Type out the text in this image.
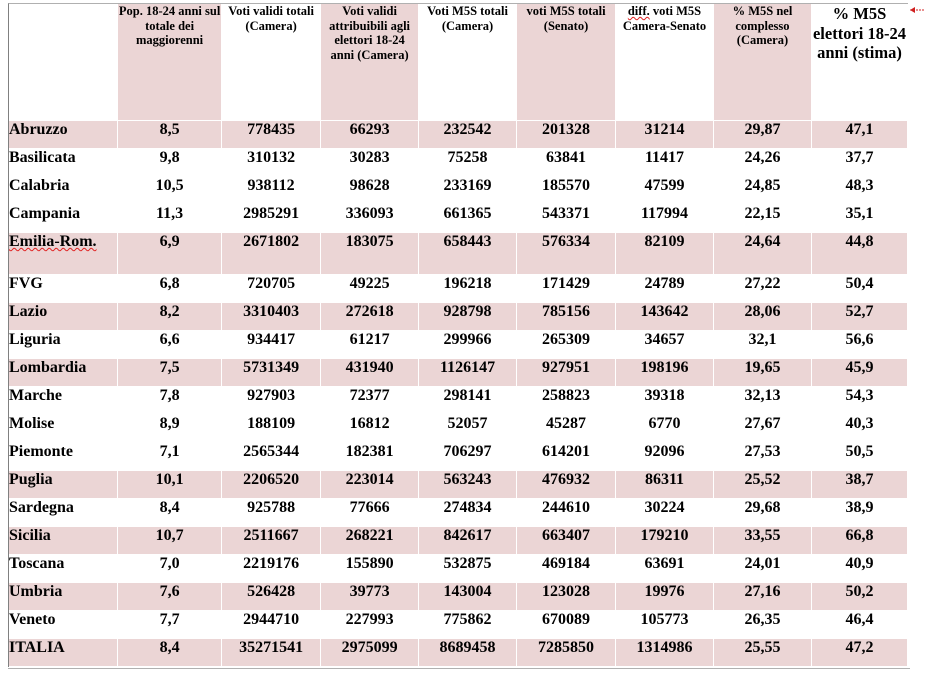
	Pop. 18-24 anni sul totale dei maggiorenni	Voti validi totali (Camera)	Voti validi attribuibili agli elettori 18-24 anni (Camera)	Voti M5S totali (Camera)	voti M5S totali (Senato)	diff. voti M5S Camera-Senato	% M5S nel complesso (Camera)	% M5S elettori 18-24 anni (stima)
Abruzzo	8,5	778435	66293	232542	201328	31214	29,87	47,1
Basilicata	9,8	310132	30283	75258	63841	11417	24,26	37,7
Calabria	10,5	938112	98628	233169	185570	47599	24,85	48,3
Campania	11,3	2985291	336093	661365	543371	117994	22,15	35,1
Emilia-Rom.	6,9	2671802	183075	658443	576334	82109	24,64	44,8
FVG	6,8	720705	49225	196218	171429	24789	27,22	50,4
Lazio	8,2	3310403	272618	928798	785156	143642	28,06	52,7
Liguria	6,6	934417	61217	299966	265309	34657	32,1	56,6
Lombardia	7,5	5731349	431940	1126147	927951	198196	19,65	45,9
Marche	7,8	927903	72377	298141	258823	39318	32,13	54,3
Molise	8,9	188109	16812	52057	45287	6770	27,67	40,3
Piemonte	7,1	2565344	182381	706297	614201	92096	27,53	50,5
Puglia	10,1	2206520	223014	563243	476932	86311	25,52	38,7
Sardegna	8,4	925788	77666	274834	244610	30224	29,68	38,9
Sicilia	10,7	2511667	268221	842617	663407	179210	33,55	66,8
Toscana	7,0	2219176	155890	532875	469184	63691	24,01	40,9
Umbria	7,6	526428	39773	143004	123028	19976	27,16	50,2
Veneto	7,7	2944710	227993	775862	670089	105773	26,35	46,4
ITALIA	8,4	35271541	2975099	8689458	7285850	1314986	25,55	47,2
